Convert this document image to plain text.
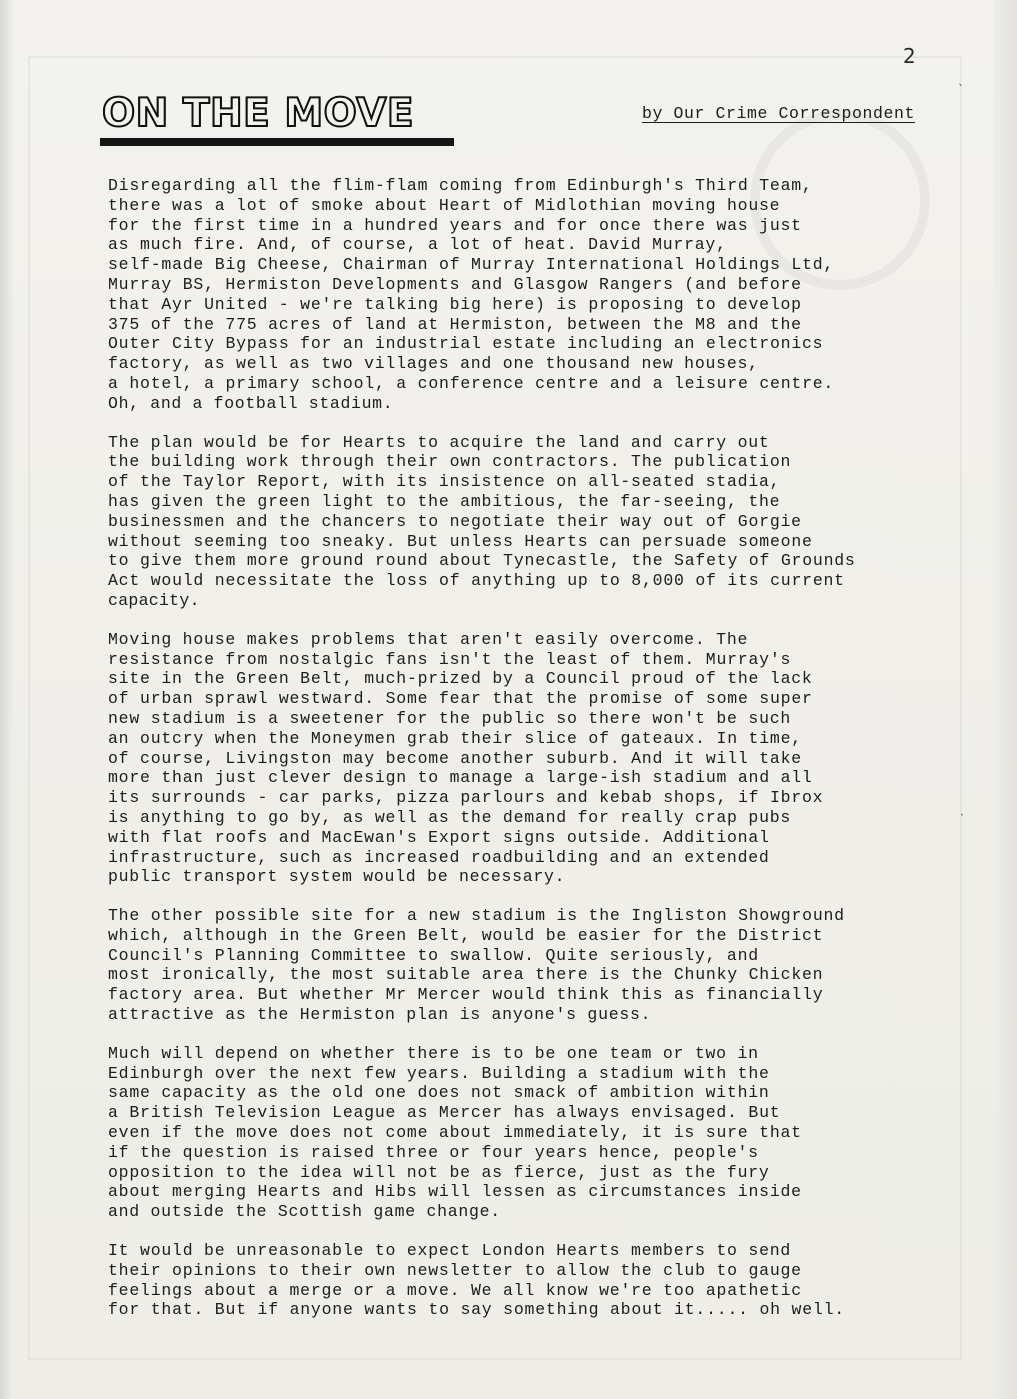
2
ON THE MOVE	by Our Crime Correspondent
Disregarding all the flim-flam coming from Edinburgh's Third Team,
there was a lot of smoke about Heart of Midlothian moving house
for the first time in a hundred years and for once there was just
as much fire. And, of course, a lot of heat. David Murray,
self-made Big Cheese, Chairman of Murray International Holdings Ltd,
Murray BS, Hermiston Developments and Glasgow Rangers (and before
that Ayr United - we're talking big here) is proposing to develop
375 of the 775 acres of land at Hermiston, between the M8 and the
Outer City Bypass for an industrial estate including an electronics
factory, as well as two villages and one thousand new houses,
a hotel, a primary school, a conference centre and a leisure centre.
Oh, and a football stadium.
The plan would be for Hearts to acquire the land and carry out
the building work through their own contractors. The publication
of the Taylor Report, with its insistence on all-seated stadia,
has given the green light to the ambitious, the far-seeing, the
businessmen and the chancers to negotiate their way out of Gorgie
without seeming too sneaky. But unless Hearts can persuade someone
to give them more ground round about Tynecastle, the Safety of Grounds
Act would necessitate the loss of anything up to 8,000 of its current
capacity.
Moving house makes problems that aren't easily overcome. The
resistance from nostalgic fans isn't the least of them. Murray's
site in the Green Belt, much-prized by a Council proud of the lack
of urban sprawl westward. Some fear that the promise of some super
new stadium is a sweetener for the public so there won't be such
an outcry when the Moneymen grab their slice of gateaux. In time,
of course, Livingston may become another suburb. And it will take
more than just clever design to manage a large-ish stadium and all
its surrounds - car parks, pizza parlours and kebab shops, if Ibrox
is anything to go by, as well as the demand for really crap pubs
with flat roofs and MacEwan's Export signs outside. Additional
infrastructure, such as increased roadbuilding and an extended
public transport system would be necessary.
The other possible site for a new stadium is the Ingliston Showground
which, although in the Green Belt, would be easier for the District
Council's Planning Committee to swallow. Quite seriously, and
most ironically, the most suitable area there is the Chunky Chicken
factory area. But whether Mr Mercer would think this as financially
attractive as the Hermiston plan is anyone's guess.
Much will depend on whether there is to be one team or two in
Edinburgh over the next few years. Building a stadium with the
same capacity as the old one does not smack of ambition within
a British Television League as Mercer has always envisaged. But
even if the move does not come about immediately, it is sure that
if the question is raised three or four years hence, people's
opposition to the idea will not be as fierce, just as the fury
about merging Hearts and Hibs will lessen as circumstances inside
and outside the Scottish game change.
It would be unreasonable to expect London Hearts members to send
their opinions to their own newsletter to allow the club to gauge
feelings about a merge or a move. We all know we're too apathetic
for that. But if anyone wants to say something about it..... oh well.
ˎ
·
